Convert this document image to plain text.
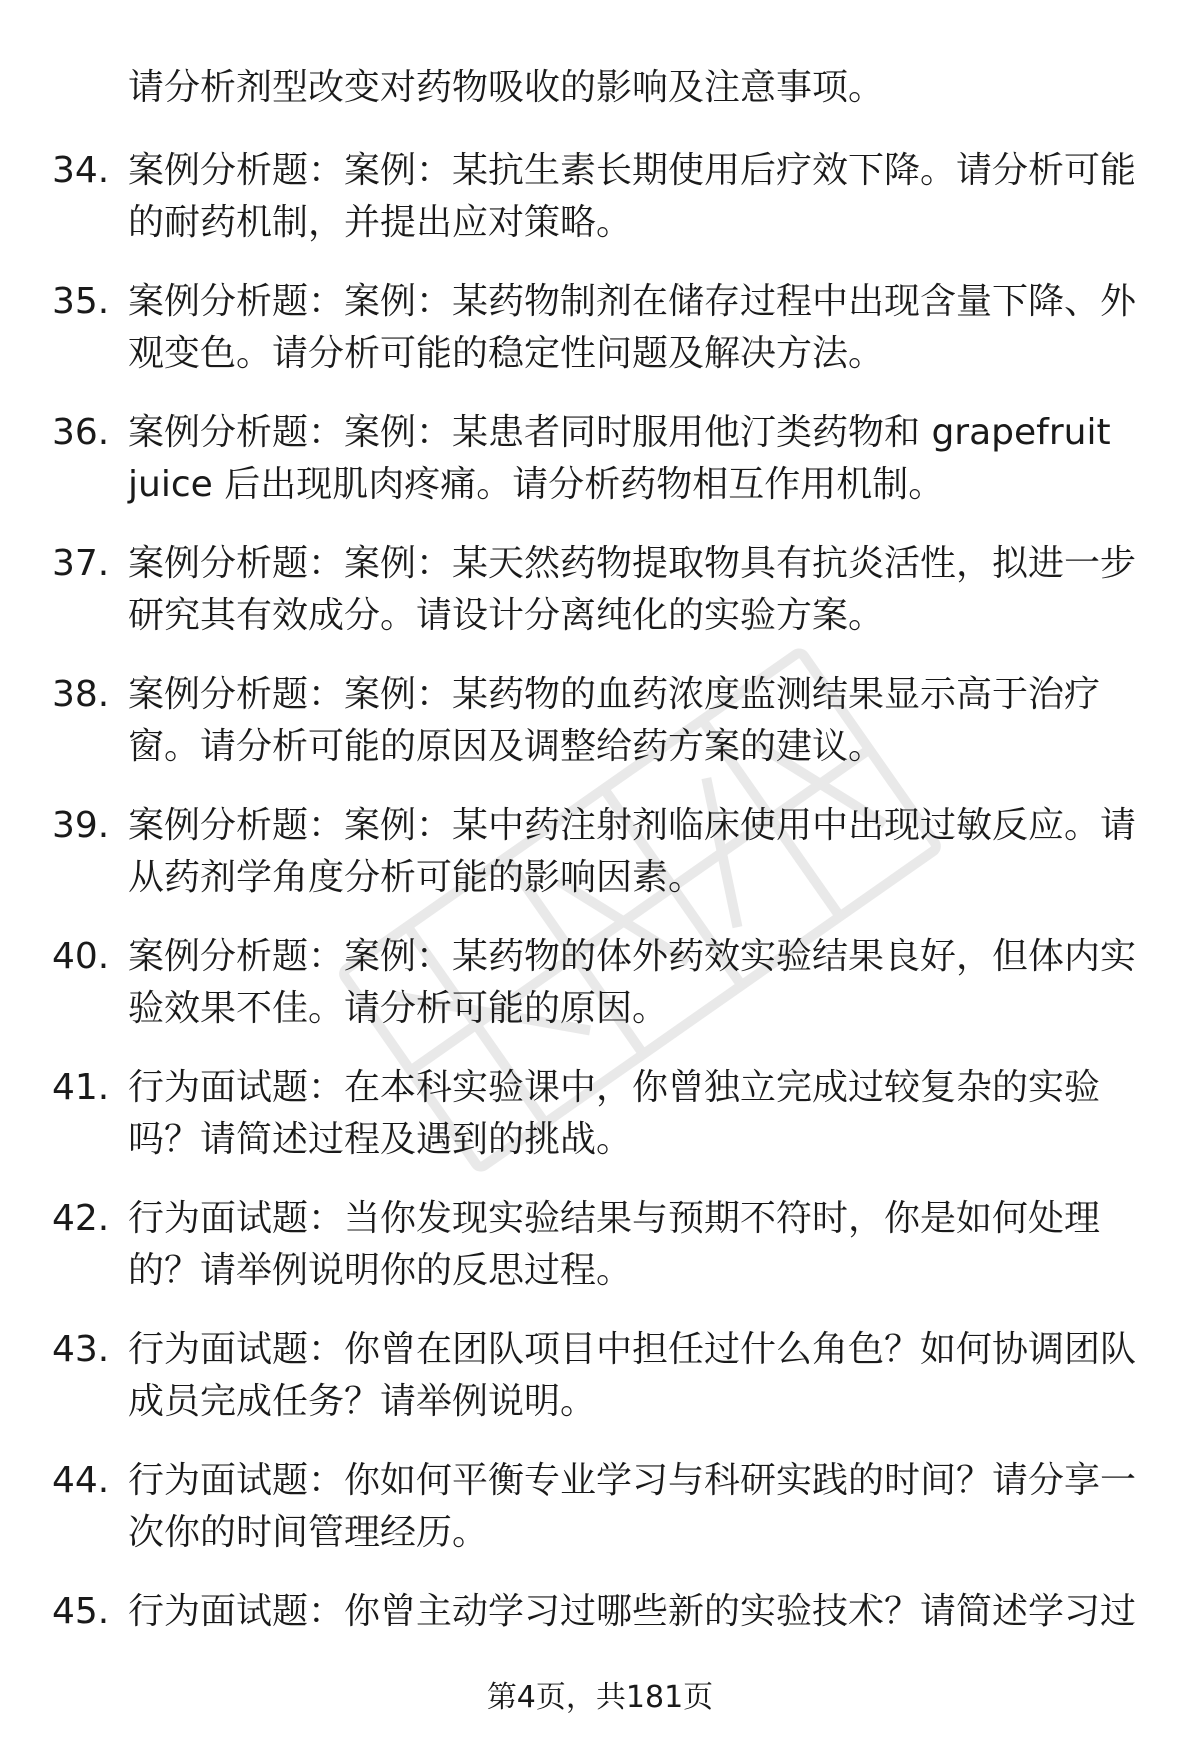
请分析剂型改变对药物吸收的影响及注意事项。
34. 案例分析题：案例：某抗生素长期使用后疗效下降。请分析可能的耐药机制，并提出应对策略。
35. 案例分析题：案例：某药物制剂在储存过程中出现含量下降、外观变色。请分析可能的稳定性问题及解决方法。
36. 案例分析题：案例：某患者同时服用他汀类药物和 grapefruit juice 后出现肌肉疼痛。请分析药物相互作用机制。
37. 案例分析题：案例：某天然药物提取物具有抗炎活性，拟进一步研究其有效成分。请设计分离纯化的实验方案。
38. 案例分析题：案例：某药物的血药浓度监测结果显示高于治疗窗。请分析可能的原因及调整给药方案的建议。
39. 案例分析题：案例：某中药注射剂临床使用中出现过敏反应。请从药剂学角度分析可能的影响因素。
40. 案例分析题：案例：某药物的体外药效实验结果良好，但体内实验效果不佳。请分析可能的原因。
41. 行为面试题：在本科实验课中，你曾独立完成过较复杂的实验吗？请简述过程及遇到的挑战。
42. 行为面试题：当你发现实验结果与预期不符时，你是如何处理的？请举例说明你的反思过程。
43. 行为面试题：你曾在团队项目中担任过什么角色？如何协调团队成员完成任务？请举例说明。
44. 行为面试题：你如何平衡专业学习与科研实践的时间？请分享一次你的时间管理经历。
45. 行为面试题：你曾主动学习过哪些新的实验技术？请简述学习过
第4页，共181页
